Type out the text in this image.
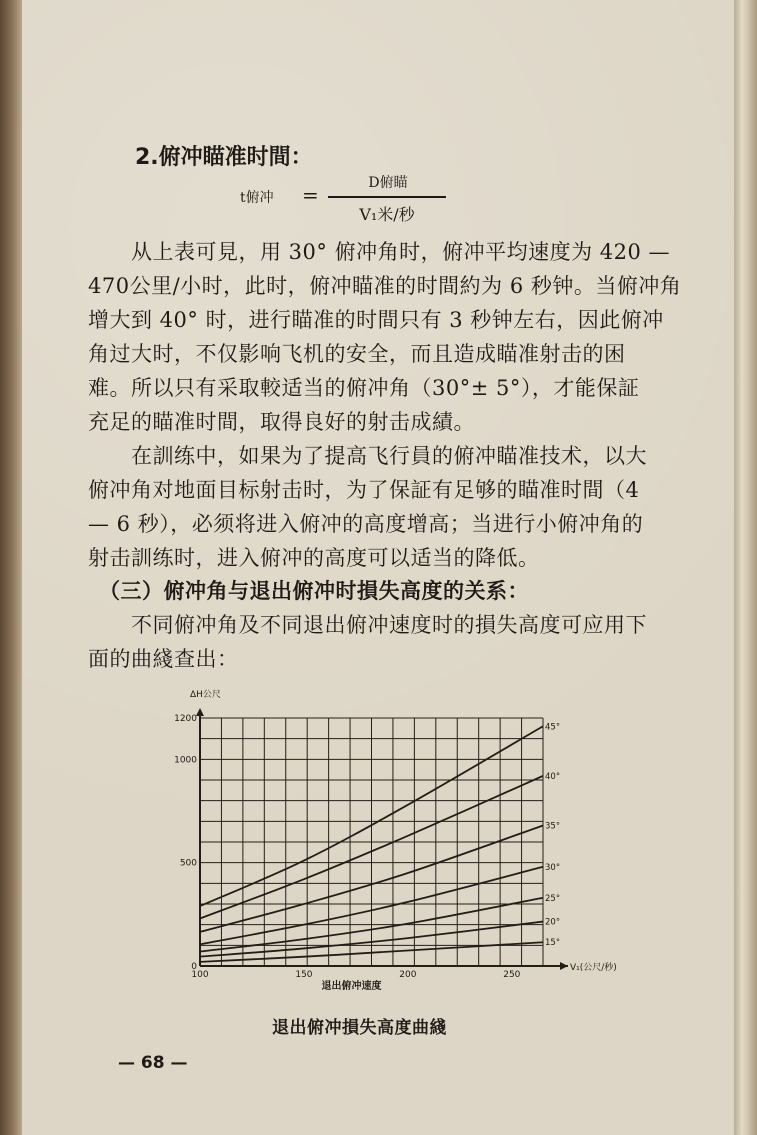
2.俯冲瞄准时間：
t俯冲 =	D俯瞄
V₁米/秒
　　从上表可見，用 30° 俯冲角时，俯冲平均速度为 420 —
470公里/小时，此时，俯冲瞄准的时間約为 6 秒钟。当俯冲角
增大到 40° 时，进行瞄准的时間只有 3 秒钟左右，因此俯冲
角过大时，不仅影响飞机的安全，而且造成瞄准射击的困
难。所以只有采取較适当的俯冲角（30°± 5°），才能保証
充足的瞄准时間，取得良好的射击成績。
　　在訓练中，如果为了提高飞行員的俯冲瞄准技术，以大
俯冲角对地面目标射击时，为了保証有足够的瞄准时間（4
— 6 秒），必须将进入俯冲的高度增高；当进行小俯冲角的
射击訓练时，进入俯冲的高度可以适当的降低。
　（三）俯冲角与退出俯冲时損失高度的关系：
　　不同俯冲角及不同退出俯冲速度时的損失高度可应用下
面的曲綫查出：
100	150	200	250
0
500
1000
1200
ΔH公尺
V₁(公尺/秒)
退出俯冲速度
45°
40°
35°
30°
25°
20°
15°
退出俯冲損失高度曲綫
— 68 —
